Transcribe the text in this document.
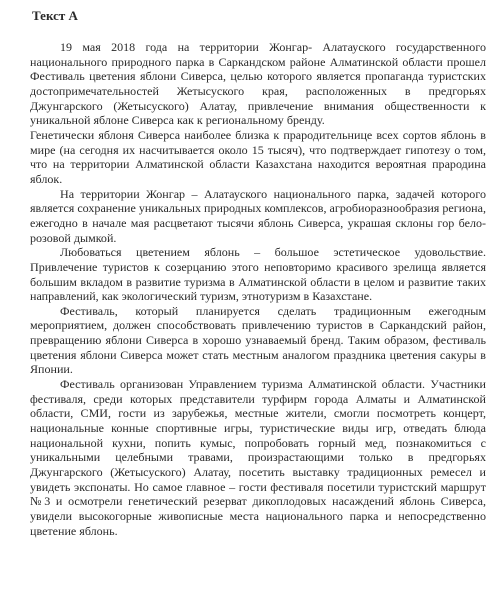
Текст А

19 мая 2018 года на территории Жонгар- Алатауского государственного национального природного парка в Саркандском районе Алматинской области прошел Фестиваль цветения яблони Сиверса, целью которого является пропаганда туристских достопримечательностей Жетысуского края, расположенных в предгорьях Джунгарского (Жетысуского) Алатау, привлечение внимания общественности к уникальной яблоне Сиверса как к региональному бренду.

Генетически яблоня Сиверса наиболее близка к прародительнице всех сортов яблонь в мире (на сегодня их насчитывается около 15 тысяч), что подтверждает гипотезу о том, что на территории Алматинской области Казахстана находится вероятная прародина яблок.

На территории Жонгар – Алатауского национального парка, задачей которого является сохранение уникальных природных комплексов, агробиоразнообразия региона, ежегодно в начале мая расцветают тысячи яблонь Сиверса, украшая склоны гор бело-розовой дымкой.

Любоваться цветением яблонь – большое эстетическое удовольствие. Привлечение туристов к созерцанию этого неповторимо красивого зрелища является большим вкладом в развитие туризма в Алматинской области в целом и развитие таких направлений, как экологический туризм, этнотуризм в Казахстане.

Фестиваль, который планируется сделать традиционным ежегодным мероприятием, должен способствовать привлечению туристов в Саркандский район, превращению яблони Сиверса в хорошо узнаваемый бренд. Таким образом, фестиваль цветения яблони Сиверса может стать местным аналогом праздника цветения сакуры в Японии.

Фестиваль организован Управлением туризма Алматинской области. Участники фестиваля, среди которых представители турфирм города Алматы и Алматинской области, СМИ, гости из зарубежья, местные жители, смогли посмотреть концерт, национальные конные спортивные игры, туристические виды игр, отведать блюда национальной кухни, попить кумыс, попробовать горный мед, познакомиться с уникальными целебными травами, произрастающими только в предгорьях Джунгарского (Жетысуского) Алатау, посетить выставку традиционных ремесел и увидеть экспонаты. Но самое главное – гости фестиваля посетили туристский маршрут №3 и осмотрели генетический резерват дикоплодовых насаждений яблонь Сиверса, увидели высокогорные живописные места национального парка и непосредственно цветение яблонь.
